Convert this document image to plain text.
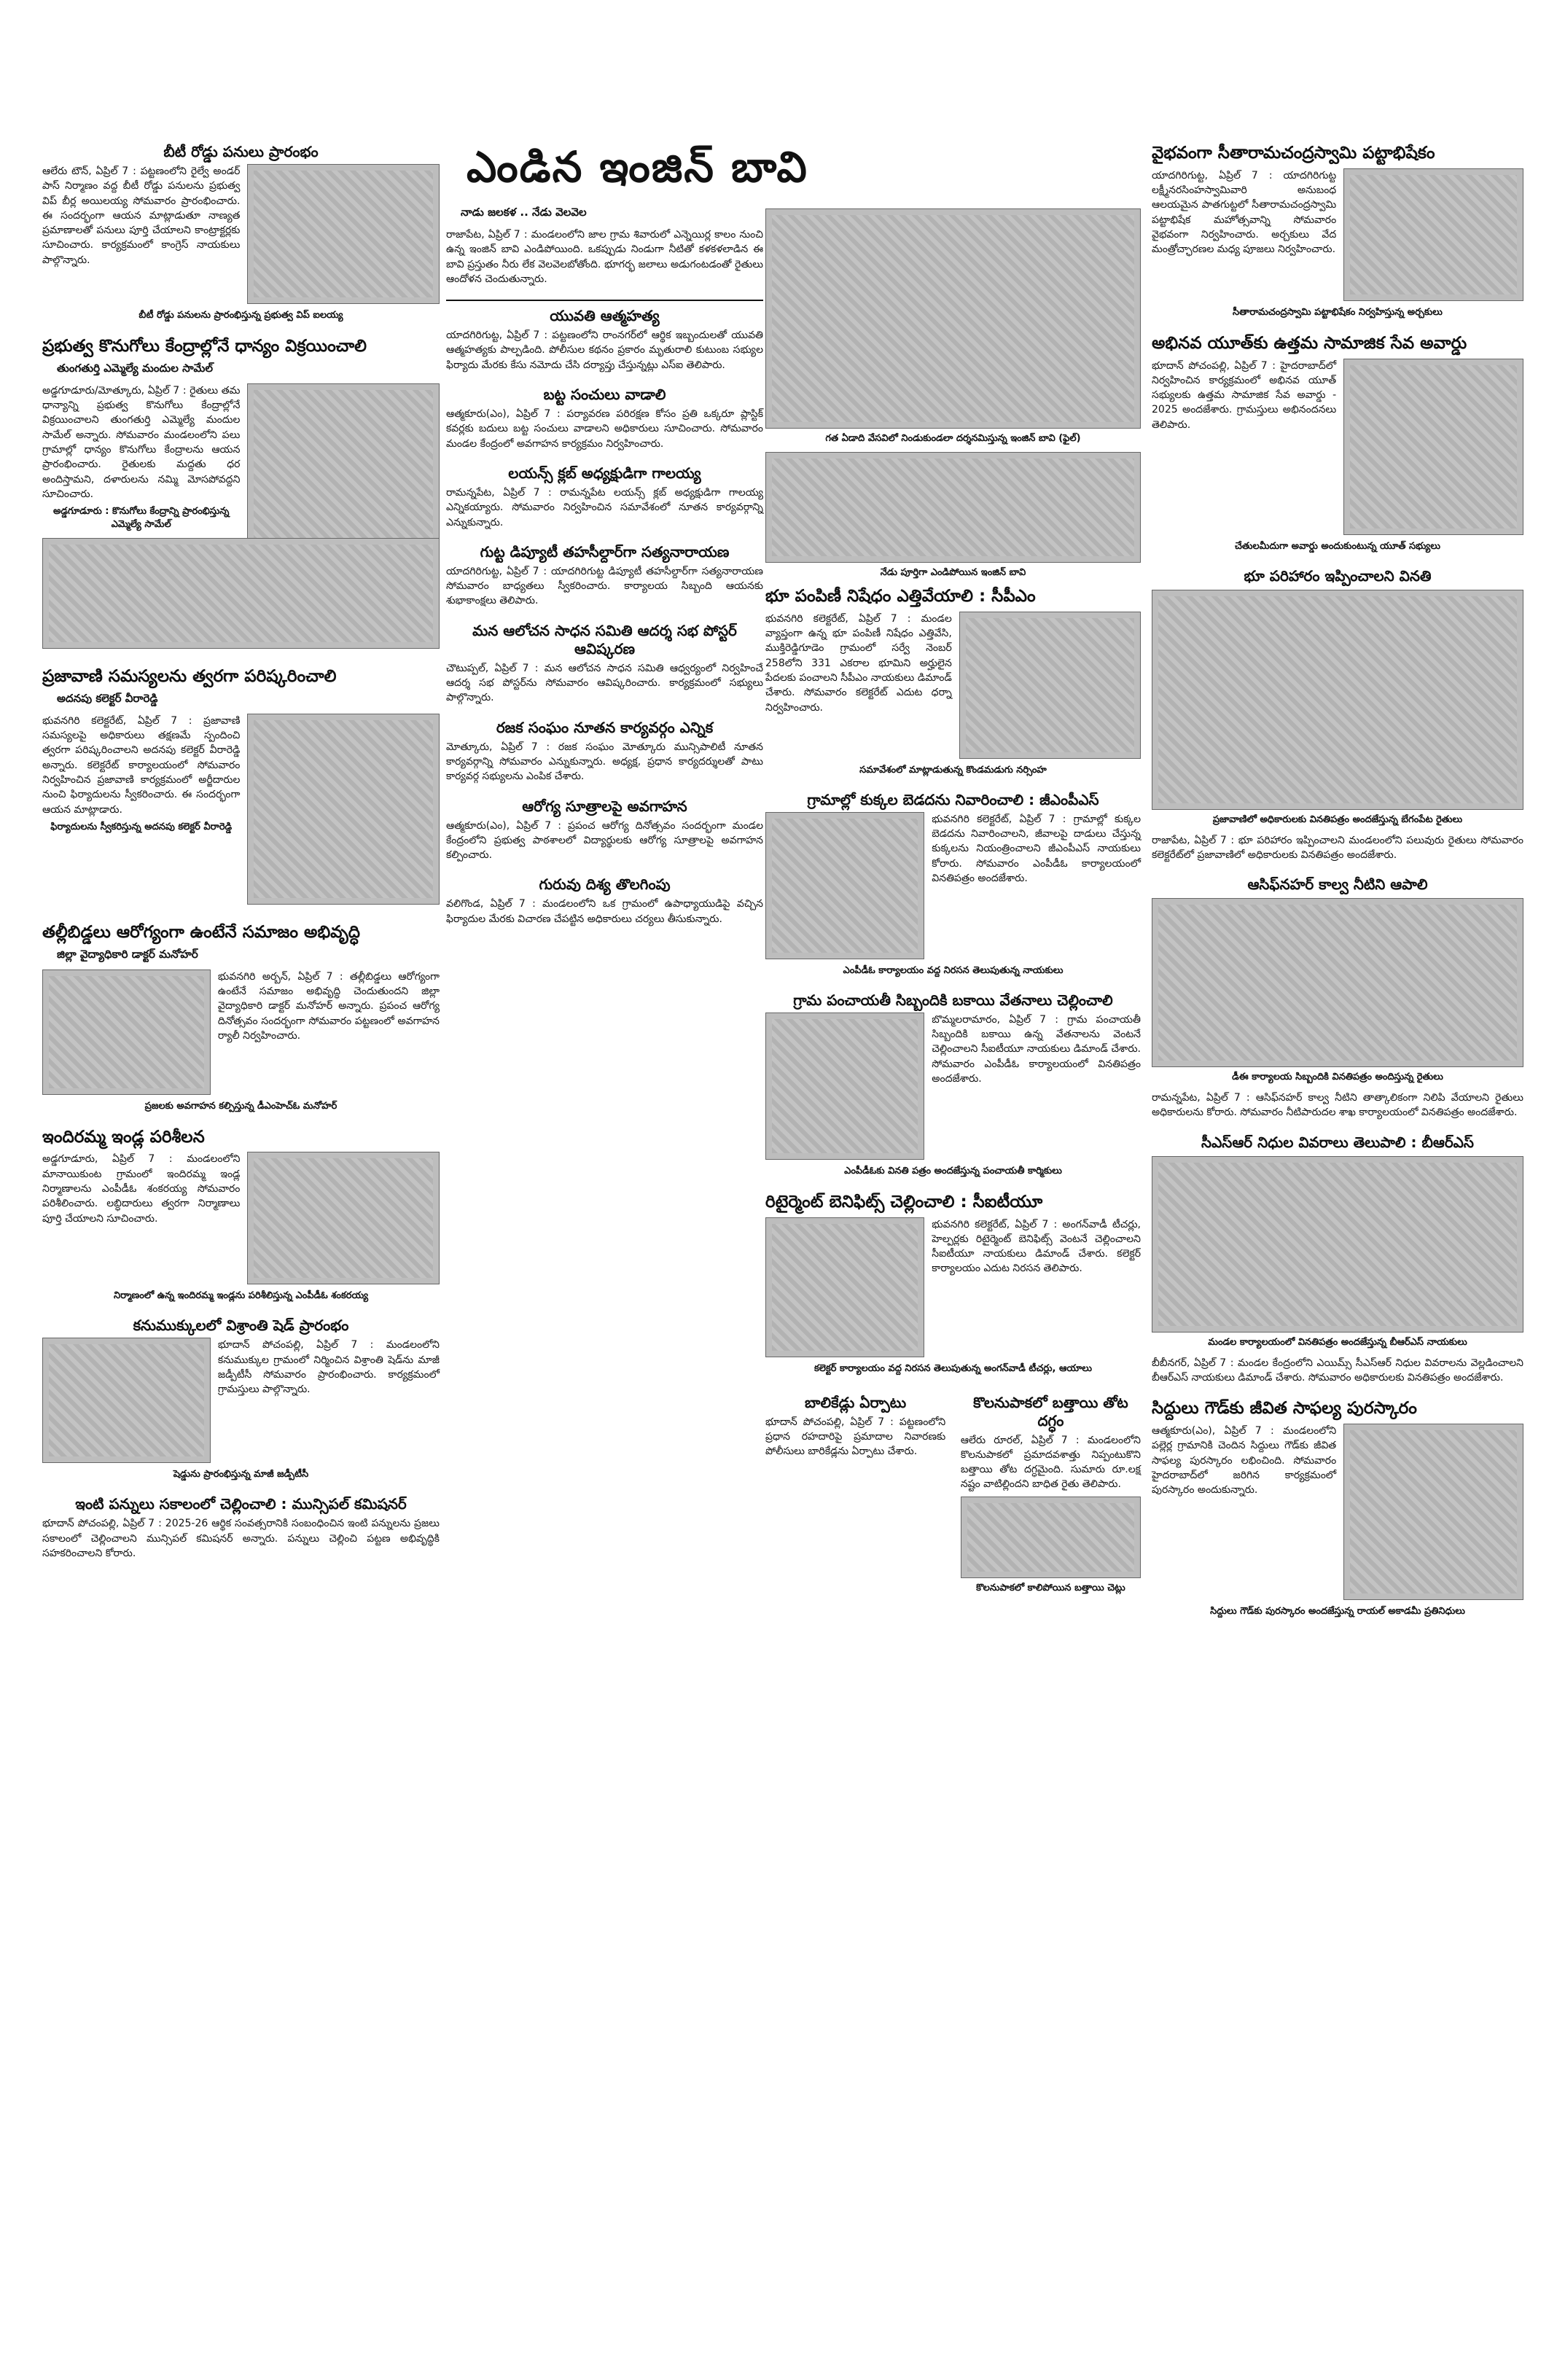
బీటీ రోడ్డు పనులు ప్రారంభం

ఆలేరు టౌన్, ఏప్రిల్ 7 : పట్టణంలోని రైల్వే అండర్ పాస్ నిర్మాణం వద్ద బీటీ రోడ్డు పనులను ప్రభుత్వ విప్ బీర్ల అయిలయ్య సోమవారం ప్రారంభించారు. ఈ సందర్భంగా ఆయన మాట్లాడుతూ నాణ్యత ప్రమాణాలతో పనులు పూర్తి చేయాలని కాంట్రాక్టర్లకు సూచించారు. కార్యక్రమంలో కాంగ్రెస్ నాయకులు పాల్గొన్నారు.

బీటీ రోడ్డు పనులను ప్రారంభిస్తున్న ప్రభుత్వ విప్ ఐలయ్య
ప్రభుత్వ కొనుగోలు కేంద్రాల్లోనే ధాన్యం విక్రయించాలి
తుంగతుర్తి ఎమ్మెల్యే మందుల సామేల్

అడ్డగూడూరు/మోత్కూరు, ఏప్రిల్ 7 : రైతులు తమ ధాన్యాన్ని ప్రభుత్వ కొనుగోలు కేంద్రాల్లోనే విక్రయించాలని తుంగతుర్తి ఎమ్మెల్యే మందుల సామేల్ అన్నారు. సోమవారం మండలంలోని పలు గ్రామాల్లో ధాన్యం కొనుగోలు కేంద్రాలను ఆయన ప్రారంభించారు. రైతులకు మద్దతు ధర అందిస్తామని, దళారులను నమ్మి మోసపోవద్దని సూచించారు.

అడ్డగూడూరు : కొనుగోలు కేంద్రాన్ని ప్రారంభిస్తున్న ఎమ్మెల్యే సామేల్
ప్రజావాణి సమస్యలను త్వరగా పరిష్కరించాలి
అదనపు కలెక్టర్ వీరారెడ్డి

భువనగిరి కలెక్టరేట్, ఏప్రిల్ 7 : ప్రజావాణి సమస్యలపై అధికారులు తక్షణమే స్పందించి త్వరగా పరిష్కరించాలని అదనపు కలెక్టర్ వీరారెడ్డి అన్నారు. కలెక్టరేట్ కార్యాలయంలో సోమవారం నిర్వహించిన ప్రజావాణి కార్యక్రమంలో అర్జీదారుల నుంచి ఫిర్యాదులను స్వీకరించారు. ఈ సందర్భంగా ఆయన మాట్లాడారు.

ఫిర్యాదులను స్వీకరిస్తున్న అదనపు కలెక్టర్ వీరారెడ్డి
తల్లీబిడ్డలు ఆరోగ్యంగా ఉంటేనే సమాజం అభివృద్ధి
జిల్లా వైద్యాధికారి డాక్టర్ మనోహర్

భువనగిరి అర్బన్, ఏప్రిల్ 7 : తల్లీబిడ్డలు ఆరోగ్యంగా ఉంటేనే సమాజం అభివృద్ధి చెందుతుందని జిల్లా వైద్యాధికారి డాక్టర్ మనోహర్ అన్నారు. ప్రపంచ ఆరోగ్య దినోత్సవం సందర్భంగా సోమవారం పట్టణంలో అవగాహన ర్యాలీ నిర్వహించారు.

ప్రజలకు అవగాహన కల్పిస్తున్న డీఎంహెచ్‌ఓ మనోహర్
ఇందిరమ్మ ఇండ్ల పరిశీలన

అడ్డగూడూరు, ఏప్రిల్ 7 : మండలంలోని మానాయికుంట గ్రామంలో ఇందిరమ్మ ఇండ్ల నిర్మాణాలను ఎంపీడీఓ శంకరయ్య సోమవారం పరిశీలించారు. లబ్ధిదారులు త్వరగా నిర్మాణాలు పూర్తి చేయాలని సూచించారు.

నిర్మాణంలో ఉన్న ఇందిరమ్మ ఇండ్లను పరిశీలిస్తున్న ఎంపీడీఓ శంకరయ్య
కనుముక్కులలో విశ్రాంతి షెడ్ ప్రారంభం

భూదాన్ పోచంపల్లి, ఏప్రిల్ 7 : మండలంలోని కనుముక్కుల గ్రామంలో నిర్మించిన విశ్రాంతి షెడ్‌ను మాజీ జడ్పీటీసీ సోమవారం ప్రారంభించారు. కార్యక్రమంలో గ్రామస్తులు పాల్గొన్నారు.

షెడ్డును ప్రారంభిస్తున్న మాజీ జడ్పీటీసీ
ఇంటి పన్నులు సకాలంలో చెల్లించాలి : మున్సిపల్ కమిషనర్

భూదాన్ పోచంపల్లి, ఏప్రిల్ 7 : 2025-26 ఆర్థిక సంవత్సరానికి సంబంధించిన ఇంటి పన్నులను ప్రజలు సకాలంలో చెల్లించాలని మున్సిపల్ కమిషనర్ అన్నారు. పన్నులు చెల్లించి పట్టణ అభివృద్ధికి సహకరించాలని కోరారు.

ఎండిన ఇంజిన్ బావి
నాడు జలకళ .. నేడు వెలవెల

రాజాపేట, ఏప్రిల్ 7 : మండలంలోని జాల గ్రామ శివారులో ఎన్నెయిర్ల కాలం నుంచి ఉన్న ఇంజిన్ బావి ఎండిపోయింది. ఒకప్పుడు నిండుగా నీటితో కళకళలాడిన ఈ బావి ప్రస్తుతం నీరు లేక వెలవెలబోతోంది. భూగర్భ జలాలు అడుగంటడంతో రైతులు ఆందోళన చెందుతున్నారు.

యువతి ఆత్మహత్య

యాదగిరిగుట్ట, ఏప్రిల్ 7 : పట్టణంలోని రాంనగర్‌లో ఆర్థిక ఇబ్బందులతో యువతి ఆత్మహత్యకు పాల్పడింది. పోలీసుల కథనం ప్రకారం మృతురాలి కుటుంబ సభ్యుల ఫిర్యాదు మేరకు కేసు నమోదు చేసి దర్యాప్తు చేస్తున్నట్లు ఎస్ఐ తెలిపారు.

బట్ట సంచులు వాడాలి

ఆత్మకూరు(ఎం), ఏప్రిల్ 7 : పర్యావరణ పరిరక్షణ కోసం ప్రతి ఒక్కరూ ప్లాస్టిక్ కవర్లకు బదులు బట్ట సంచులు వాడాలని అధికారులు సూచించారు. సోమవారం మండల కేంద్రంలో అవగాహన కార్యక్రమం నిర్వహించారు.

లయన్స్ క్లబ్ అధ్యక్షుడిగా గాలయ్య

రామన్నపేట, ఏప్రిల్ 7 : రామన్నపేట లయన్స్ క్లబ్ అధ్యక్షుడిగా గాలయ్య ఎన్నికయ్యారు. సోమవారం నిర్వహించిన సమావేశంలో నూతన కార్యవర్గాన్ని ఎన్నుకున్నారు.

గుట్ట డిప్యూటీ తహసీల్దార్‌గా సత్యనారాయణ

యాదగిరిగుట్ట, ఏప్రిల్ 7 : యాదగిరిగుట్ట డిప్యూటీ తహసీల్దార్‌గా సత్యనారాయణ సోమవారం బాధ్యతలు స్వీకరించారు. కార్యాలయ సిబ్బంది ఆయనకు శుభాకాంక్షలు తెలిపారు.

మన ఆలోచన సాధన సమితి ఆదర్శ సభ పోస్టర్ ఆవిష్కరణ

చౌటుప్పల్, ఏప్రిల్ 7 : మన ఆలోచన సాధన సమితి ఆధ్వర్యంలో నిర్వహించే ఆదర్శ సభ పోస్టర్‌ను సోమవారం ఆవిష్కరించారు. కార్యక్రమంలో సభ్యులు పాల్గొన్నారు.

రజక సంఘం నూతన కార్యవర్గం ఎన్నిక

మోత్కూరు, ఏప్రిల్ 7 : రజక సంఘం మోత్కూరు మున్సిపాలిటీ నూతన కార్యవర్గాన్ని సోమవారం ఎన్నుకున్నారు. అధ్యక్ష, ప్రధాన కార్యదర్శులతో పాటు కార్యవర్గ సభ్యులను ఎంపిక చేశారు.

ఆరోగ్య సూత్రాలపై అవగాహన

ఆత్మకూరు(ఎం), ఏప్రిల్ 7 : ప్రపంచ ఆరోగ్య దినోత్సవం సందర్భంగా మండల కేంద్రంలోని ప్రభుత్వ పాఠశాలలో విద్యార్థులకు ఆరోగ్య సూత్రాలపై అవగాహన కల్పించారు.

గురువు దిశ్య తొలగింపు

వలిగొండ, ఏప్రిల్ 7 : మండలంలోని ఒక గ్రామంలో ఉపాధ్యాయుడిపై వచ్చిన ఫిర్యాదుల మేరకు విచారణ చేపట్టిన అధికారులు చర్యలు తీసుకున్నారు.

గత ఏడాది వేసవిలో నిండుకుండలా దర్శనమిస్తున్న ఇంజిన్ బావి (ఫైల్)
నేడు పూర్తిగా ఎండిపోయిన ఇంజిన్ బావి
భూ పంపిణీ నిషేధం ఎత్తివేయాలి : సీపీఎం

భువనగిరి కలెక్టరేట్, ఏప్రిల్ 7 : మండల వ్యాప్తంగా ఉన్న భూ పంపిణీ నిషేధం ఎత్తివేసి, ముక్తిరెడ్డిగూడెం గ్రామంలో సర్వే నెంబర్ 258లోని 331 ఎకరాల భూమిని అర్హులైన పేదలకు పంచాలని సీపీఎం నాయకులు డిమాండ్ చేశారు. సోమవారం కలెక్టరేట్ ఎదుట ధర్నా నిర్వహించారు.

సమావేశంలో మాట్లాడుతున్న కొండమడుగు నర్సింహ
గ్రామాల్లో కుక్కల బెడదను నివారించాలి : జీఎంపీఎస్

భువనగిరి కలెక్టరేట్, ఏప్రిల్ 7 : గ్రామాల్లో కుక్కల బెడదను నివారించాలని, జీవాలపై దాడులు చేస్తున్న కుక్కలను నియంత్రించాలని జీఎంపీఎస్ నాయకులు కోరారు. సోమవారం ఎంపీడీఓ కార్యాలయంలో వినతిపత్రం అందజేశారు.

ఎంపీడీఓ కార్యాలయం వద్ద నిరసన తెలుపుతున్న నాయకులు
గ్రామ పంచాయతీ సిబ్బందికి బకాయి వేతనాలు చెల్లించాలి

బొమ్మలరామారం, ఏప్రిల్ 7 : గ్రామ పంచాయతీ సిబ్బందికి బకాయి ఉన్న వేతనాలను వెంటనే చెల్లించాలని సీఐటీయూ నాయకులు డిమాండ్ చేశారు. సోమవారం ఎంపీడీఓ కార్యాలయంలో వినతిపత్రం అందజేశారు.

ఎంపీడీఓకు వినతి పత్రం అందజేస్తున్న పంచాయతీ కార్మికులు
రిటైర్మెంట్ బెనిఫిట్స్ చెల్లించాలి : సీఐటీయూ

భువనగిరి కలెక్టరేట్, ఏప్రిల్ 7 : అంగన్‌వాడీ టీచర్లు, హెల్పర్లకు రిటైర్మెంట్ బెనిఫిట్స్ వెంటనే చెల్లించాలని సీఐటీయూ నాయకులు డిమాండ్ చేశారు. కలెక్టర్ కార్యాలయం ఎదుట నిరసన తెలిపారు.

కలెక్టర్ కార్యాలయం వద్ద నిరసన తెలుపుతున్న అంగన్‌వాడీ టీచర్లు, ఆయాలు
బాలికేడ్లు ఏర్పాటు

భూదాన్ పోచంపల్లి, ఏప్రిల్ 7 : పట్టణంలోని ప్రధాన రహదారిపై ప్రమాదాల నివారణకు పోలీసులు బారికేడ్లను ఏర్పాటు చేశారు.

కొలనుపాకలో బత్తాయి తోట దగ్ధం

ఆలేరు రూరల్, ఏప్రిల్ 7 : మండలంలోని కొలనుపాకలో ప్రమాదవశాత్తు నిప్పంటుకొని బత్తాయి తోట దగ్ధమైంది. సుమారు రూ.లక్ష నష్టం వాటిల్లిందని బాధిత రైతు తెలిపారు.

కొలనుపాకలో కాలిపోయిన బత్తాయి చెట్లు
వైభవంగా సీతారామచంద్రస్వామి పట్టాభిషేకం

యాదగిరిగుట్ట, ఏప్రిల్ 7 : యాదగిరిగుట్ట లక్ష్మీనరసింహస్వామివారి అనుబంధ ఆలయమైన పాతగుట్టలో సీతారామచంద్రస్వామి పట్టాభిషేక మహోత్సవాన్ని సోమవారం వైభవంగా నిర్వహించారు. అర్చకులు వేద మంత్రోచ్ఛారణల మధ్య పూజలు నిర్వహించారు.

సీతారామచంద్రస్వామి పట్టాభిషేకం నిర్వహిస్తున్న అర్చకులు
అభినవ యూత్‌కు ఉత్తమ సామాజిక సేవ అవార్డు

భూదాన్ పోచంపల్లి, ఏప్రిల్ 7 : హైదరాబాద్‌లో నిర్వహించిన కార్యక్రమంలో అభినవ యూత్ సభ్యులకు ఉత్తమ సామాజిక సేవ అవార్డు - 2025 అందజేశారు. గ్రామస్తులు అభినందనలు తెలిపారు.

చేతులమీదుగా అవార్డు అందుకుంటున్న యూత్ సభ్యులు
భూ పరిహారం ఇప్పించాలని వినతి
ప్రజావాణిలో అధికారులకు వినతిపత్రం అందజేస్తున్న బేగంపేట రైతులు

రాజాపేట, ఏప్రిల్ 7 : భూ పరిహారం ఇప్పించాలని మండలంలోని పలువురు రైతులు సోమవారం కలెక్టరేట్‌లో ప్రజావాణిలో అధికారులకు వినతిపత్రం అందజేశారు.

ఆసిఫ్‌నహర్ కాల్వ నీటిని ఆపాలి
డీఈ కార్యాలయ సిబ్బందికి వినతిపత్రం అందిస్తున్న రైతులు

రామన్నపేట, ఏప్రిల్ 7 : ఆసిఫ్‌నహర్ కాల్వ నీటిని తాత్కాలికంగా నిలిపి వేయాలని రైతులు అధికారులను కోరారు. సోమవారం నీటిపారుదల శాఖ కార్యాలయంలో వినతిపత్రం అందజేశారు.

సీఎస్ఆర్ నిధుల వివరాలు తెలుపాలి : బీఆర్ఎస్
మండల కార్యాలయంలో వినతిపత్రం అందజేస్తున్న బీఆర్ఎస్ నాయకులు

బీబీనగర్, ఏప్రిల్ 7 : మండల కేంద్రంలోని ఎయిమ్స్ సీఎస్ఆర్ నిధుల వివరాలను వెల్లడించాలని బీఆర్ఎస్ నాయకులు డిమాండ్ చేశారు. సోమవారం అధికారులకు వినతిపత్రం అందజేశారు.

సిద్దులు గౌడ్‌కు జీవిత సాఫల్య పురస్కారం

ఆత్మకూరు(ఎం), ఏప్రిల్ 7 : మండలంలోని పల్లెర్ల గ్రామానికి చెందిన సిద్దులు గౌడ్‌కు జీవిత సాఫల్య పురస్కారం లభించింది. సోమవారం హైదరాబాద్‌లో జరిగిన కార్యక్రమంలో పురస్కారం అందుకున్నారు.

సిద్దులు గౌడ్‌కు పురస్కారం అందజేస్తున్న రాయల్ అకాడమీ ప్రతినిధులు
